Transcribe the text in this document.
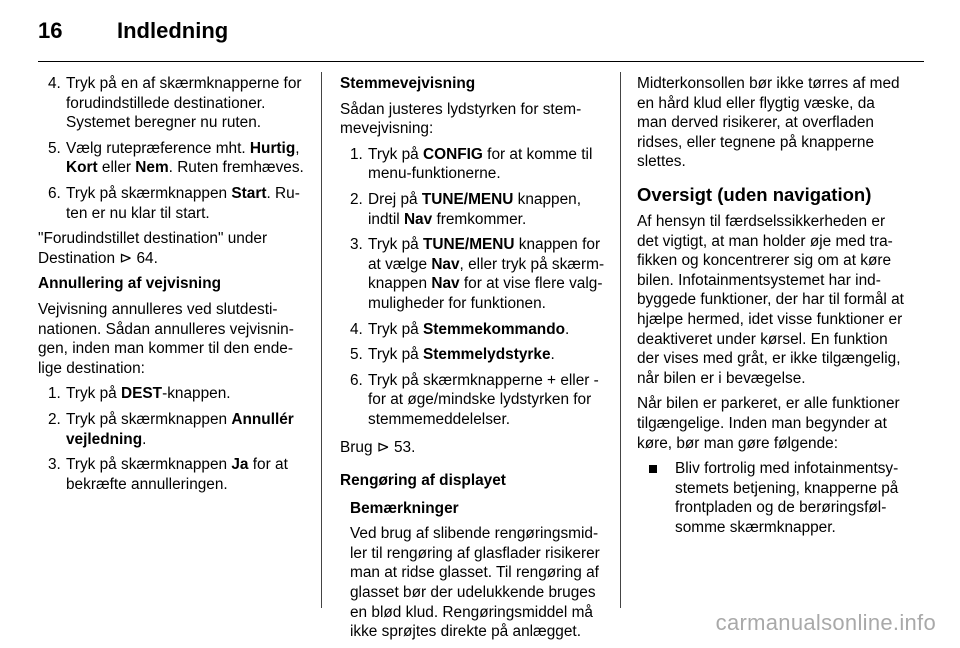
16 Indledning
4. Tryk på en af skærmknapperne for forudindstillede destinationer. Systemet beregner nu ruten.
5. Vælg rutepræference mht. Hurtig, Kort eller Nem. Ruten fremhæves.
6. Tryk på skærmknappen Start. Ruten er nu klar til start.

"Forudindstillet destination" under Destination ⊳ 64.

Annullering af vejvisning

Vejvisning annulleres ved slutdestinationen. Sådan annulleres vejvisningen, inden man kommer til den endelige destination:

1. Tryk på DEST-knappen.
2. Tryk på skærmknappen Annullér vejledning.
3. Tryk på skærmknappen Ja for at bekræfte annulleringen.

Stemmevejvisning

Sådan justeres lydstyrken for stemmevejvisning:

1. Tryk på CONFIG for at komme til menu-funktionerne.
2. Drej på TUNE/MENU knappen, indtil Nav fremkommer.
3. Tryk på TUNE/MENU knappen for at vælge Nav, eller tryk på skærmknappen Nav for at vise flere valgmuligheder for funktionen.
4. Tryk på Stemmekommando.
5. Tryk på Stemmelydstyrke.
6. Tryk på skærmknapperne + eller - for at øge/mindske lydstyrken for stemmemeddelelser.

Brug ⊳ 53.

Rengøring af displayet

Bemærkninger

Ved brug af slibende rengøringsmidler til rengøring af glasflader risikerer man at ridse glasset. Til rengøring af glasset bør der udelukkende bruges en blød klud. Rengøringsmiddel må ikke sprøjtes direkte på anlægget.

Midterkonsollen bør ikke tørres af med en hård klud eller flygtig væske, da man derved risikerer, at overfladen ridses, eller tegnene på knapperne slettes.

Oversigt (uden navigation)

Af hensyn til færdselssikkerheden er det vigtigt, at man holder øje med trafikken og koncentrerer sig om at køre bilen. Infotainmentsystemet har indbyggede funktioner, der har til formål at hjælpe hermed, idet visse funktioner er deaktiveret under kørsel. En funktion der vises med gråt, er ikke tilgængelig, når bilen er i bevægelse.

Når bilen er parkeret, er alle funktioner tilgængelige. Inden man begynder at køre, bør man gøre følgende:

Bliv fortrolig med infotainmentsystemets betjening, knapperne på frontpladen og de berøringsfølsomme skærmknapper.
carmanualsonline.info
